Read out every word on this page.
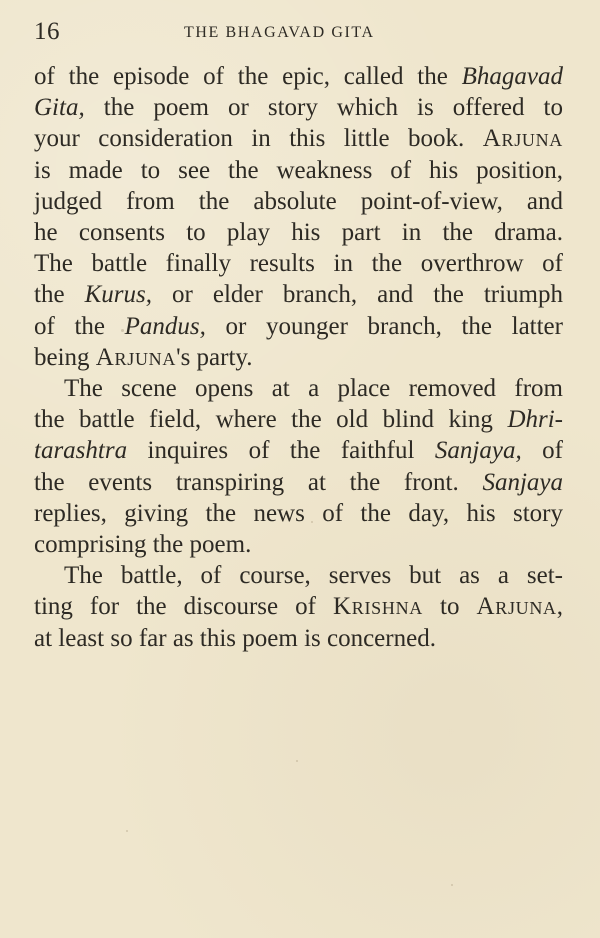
16	THE BHAGAVAD GITA
of the episode of the epic, called the Bhagavad
Gita, the poem or story which is offered to
your consideration in this little book. Arjuna
is made to see the weakness of his position,
judged from the absolute point-of-view, and
he consents to play his part in the drama.
The battle finally results in the overthrow of
the Kurus, or elder branch, and the triumph
of the Pandus, or younger branch, the latter
being Arjuna's party.
The scene opens at a place removed from
the battle field, where the old blind king Dhri-
tarashtra inquires of the faithful Sanjaya, of
the events transpiring at the front. Sanjaya
replies, giving the news of the day, his story
comprising the poem.
The battle, of course, serves but as a set-
ting for the discourse of Krishna to Arjuna,
at least so far as this poem is concerned.
